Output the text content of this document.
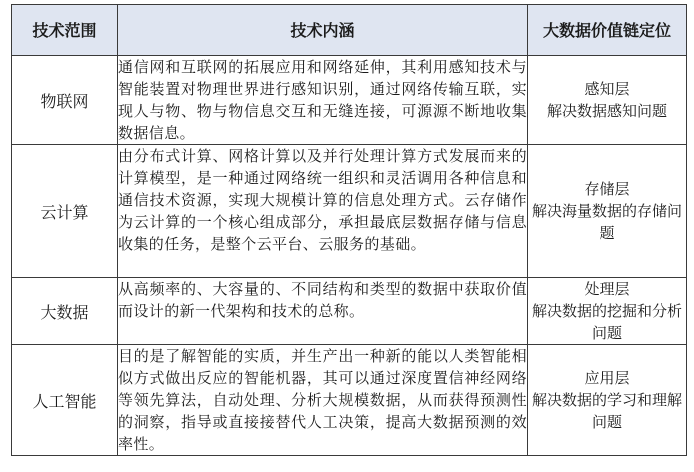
技术范围	技术内涵	大数据价值链定位
物联网	通信网和互联网的拓展应用和网络延伸，其利用感知技术与智能装置对物理世界进行感知识别，通过网络传输互联，实现人与物、物与物信息交互和无缝连接，可源源不断地收集数据信息。	感知层
解决数据感知问题

云计算	由分布式计算、网格计算以及并行处理计算方式发展而来的计算模型，是一种通过网络统一组织和灵活调用各种信息和通信技术资源，实现大规模计算的信息处理方式。云存储作为云计算的一个核心组成部分，承担最底层数据存储与信息收集的任务，是整个云平台、云服务的基础。	存储层
解决海量数据的存储问题

大数据	从高频率的、大容量的、不同结构和类型的数据中获取价值而设计的新一代架构和技术的总称。	处理层
解决数据的挖掘和分析问题

人工智能	目的是了解智能的实质，并生产出一种新的能以人类智能相似方式做出反应的智能机器，其可以通过深度置信神经网络等领先算法，自动处理、分析大规模数据，从而获得预测性的洞察，指导或直接接替代人工决策，提高大数据预测的效率性。	应用层
解决数据的学习和理解问题
